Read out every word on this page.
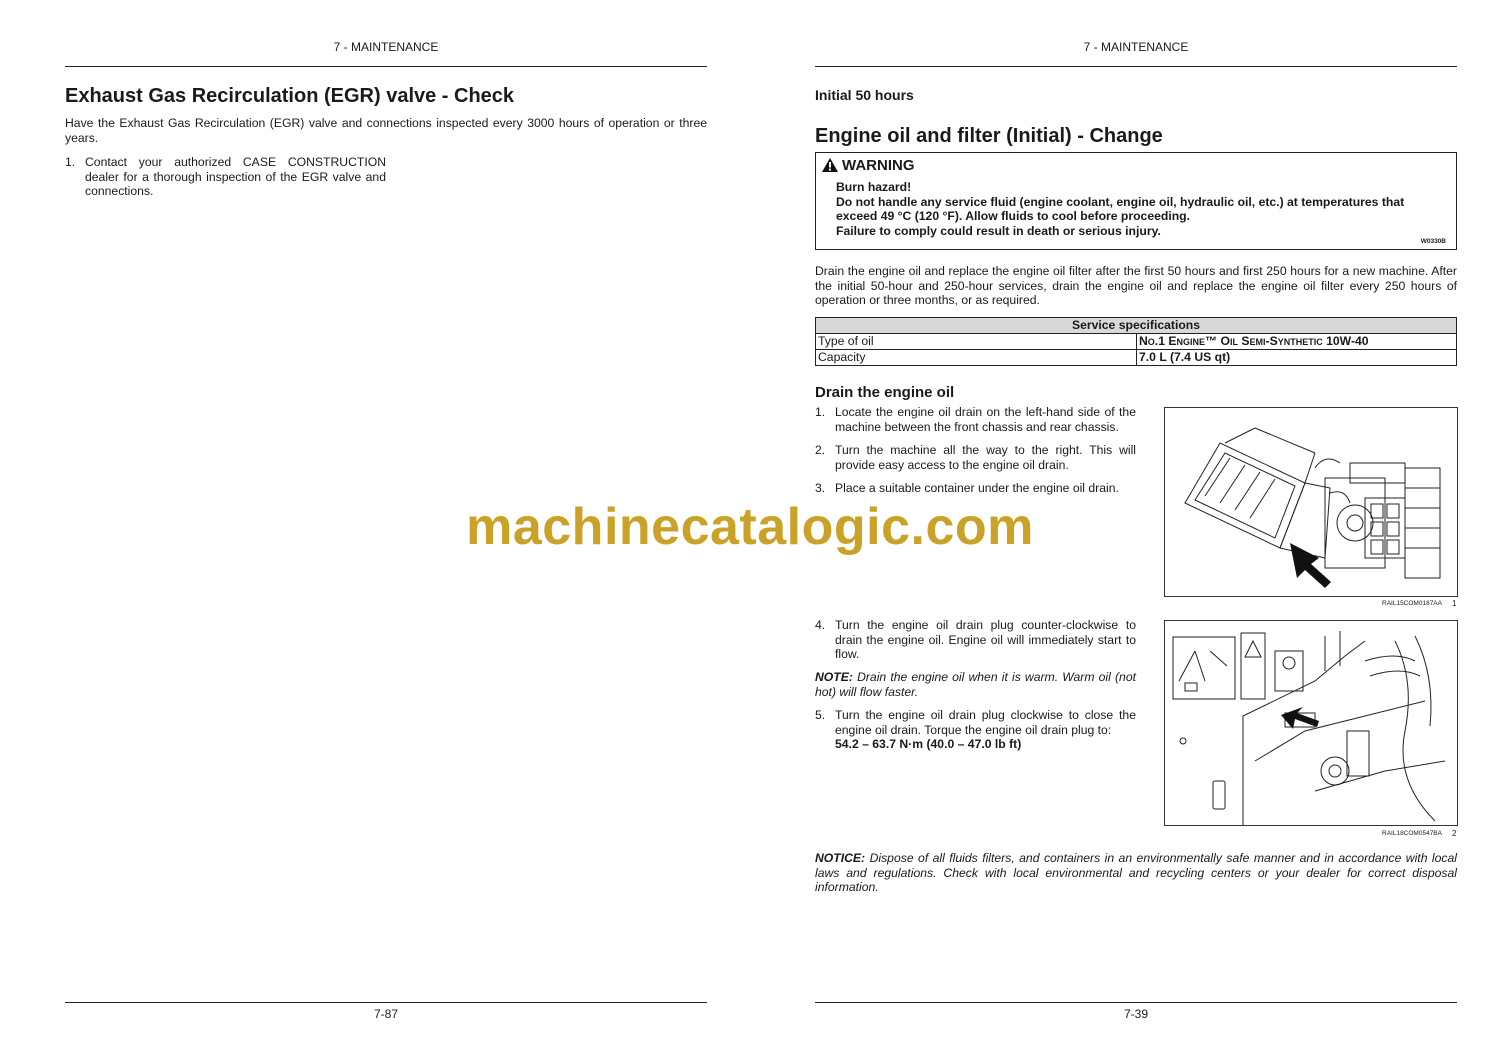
7 - MAINTENANCE
Exhaust Gas Recirculation (EGR) valve - Check

Have the Exhaust Gas Recirculation (EGR) valve and connections inspected every 3000 hours of operation or three years.

1. Contact your authorized CASE CONSTRUCTION dealer for a thorough inspection of the EGR valve and connections.
7-87
7 - MAINTENANCE
Initial 50 hours
Engine oil and filter (Initial) - Change
WARNING
Burn hazard!
Do not handle any service fluid (engine coolant, engine oil, hydraulic oil, etc.) at temperatures that exceed 49 °C (120 °F). Allow fluids to cool before proceeding.
Failure to comply could result in death or serious injury.
W0330B

Drain the engine oil and replace the engine oil filter after the first 50 hours and first 250 hours for a new machine. After the initial 50-hour and 250-hour services, drain the engine oil and replace the engine oil filter every 250 hours of operation or three months, or as required.

Service specifications	
Type of oil	No.1 Engine™ Oil Semi-Synthetic 10W-40
Capacity	7.0 L (7.4 US qt)
Drain the engine oil
1. Locate the engine oil drain on the left-hand side of the machine between the front chassis and rear chassis.
2. Turn the machine all the way to the right. This will provide easy access to the engine oil drain.
3. Place a suitable container under the engine oil drain.
RAIL15COM0187AA 1
4. Turn the engine oil drain plug counter-clockwise to drain the engine oil. Engine oil will immediately start to flow.

NOTE: Drain the engine oil when it is warm. Warm oil (not hot) will flow faster.

5. Turn the engine oil drain plug clockwise to close the engine oil drain. Torque the engine oil drain plug to:
54.2 – 63.7 N·m (40.0 – 47.0 lb ft)
RAIL18COM0547BA 2

NOTICE: Dispose of all fluids filters, and containers in an environmentally safe manner and in accordance with local laws and regulations. Check with local environmental and recycling centers or your dealer for correct disposal information.

7-39
machinecatalogic.com
